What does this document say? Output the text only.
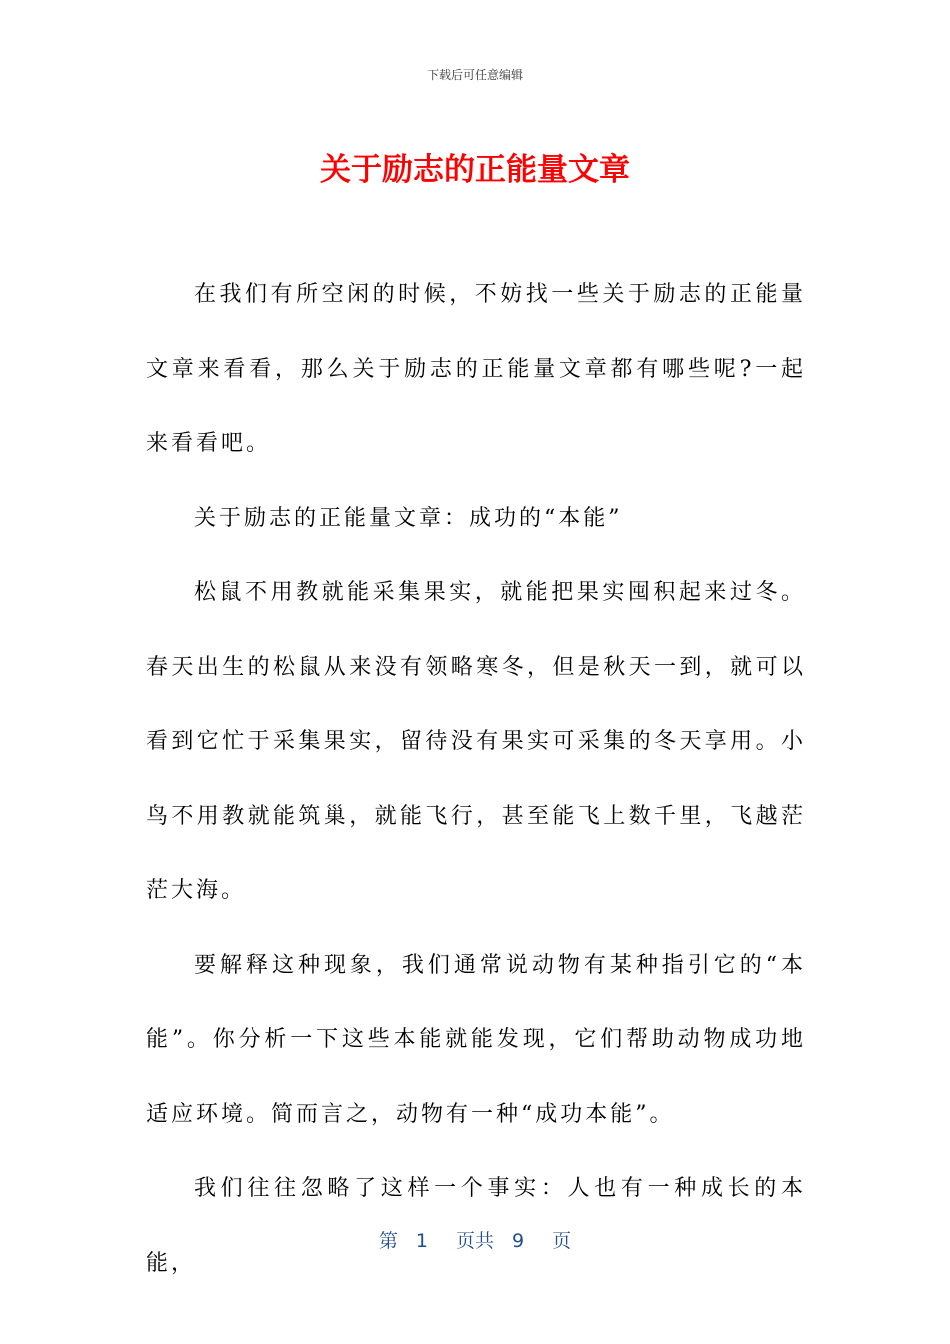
下载后可任意编辑
关于励志的正能量文章

在我们有所空闲的时候，不妨找一些关于励志的正能量文章来看看，那么关于励志的正能量文章都有哪些呢?一起来看看吧。

关于励志的正能量文章：成功的“本能”

松鼠不用教就能采集果实，就能把果实囤积起来过冬。春天出生的松鼠从来没有领略寒冬，但是秋天一到，就可以看到它忙于采集果实，留待没有果实可采集的冬天享用。小鸟不用教就能筑巢，就能飞行，甚至能飞上数千里，飞越茫茫大海。

要解释这种现象，我们通常说动物有某种指引它的“本能”。你分析一下这些本能就能发现，它们帮助动物成功地适应环境。简而言之，动物有一种“成功本能”。

我们往往忽略了这样一个事实：人也有一种成长的本能，

第 1 页共 9 页
